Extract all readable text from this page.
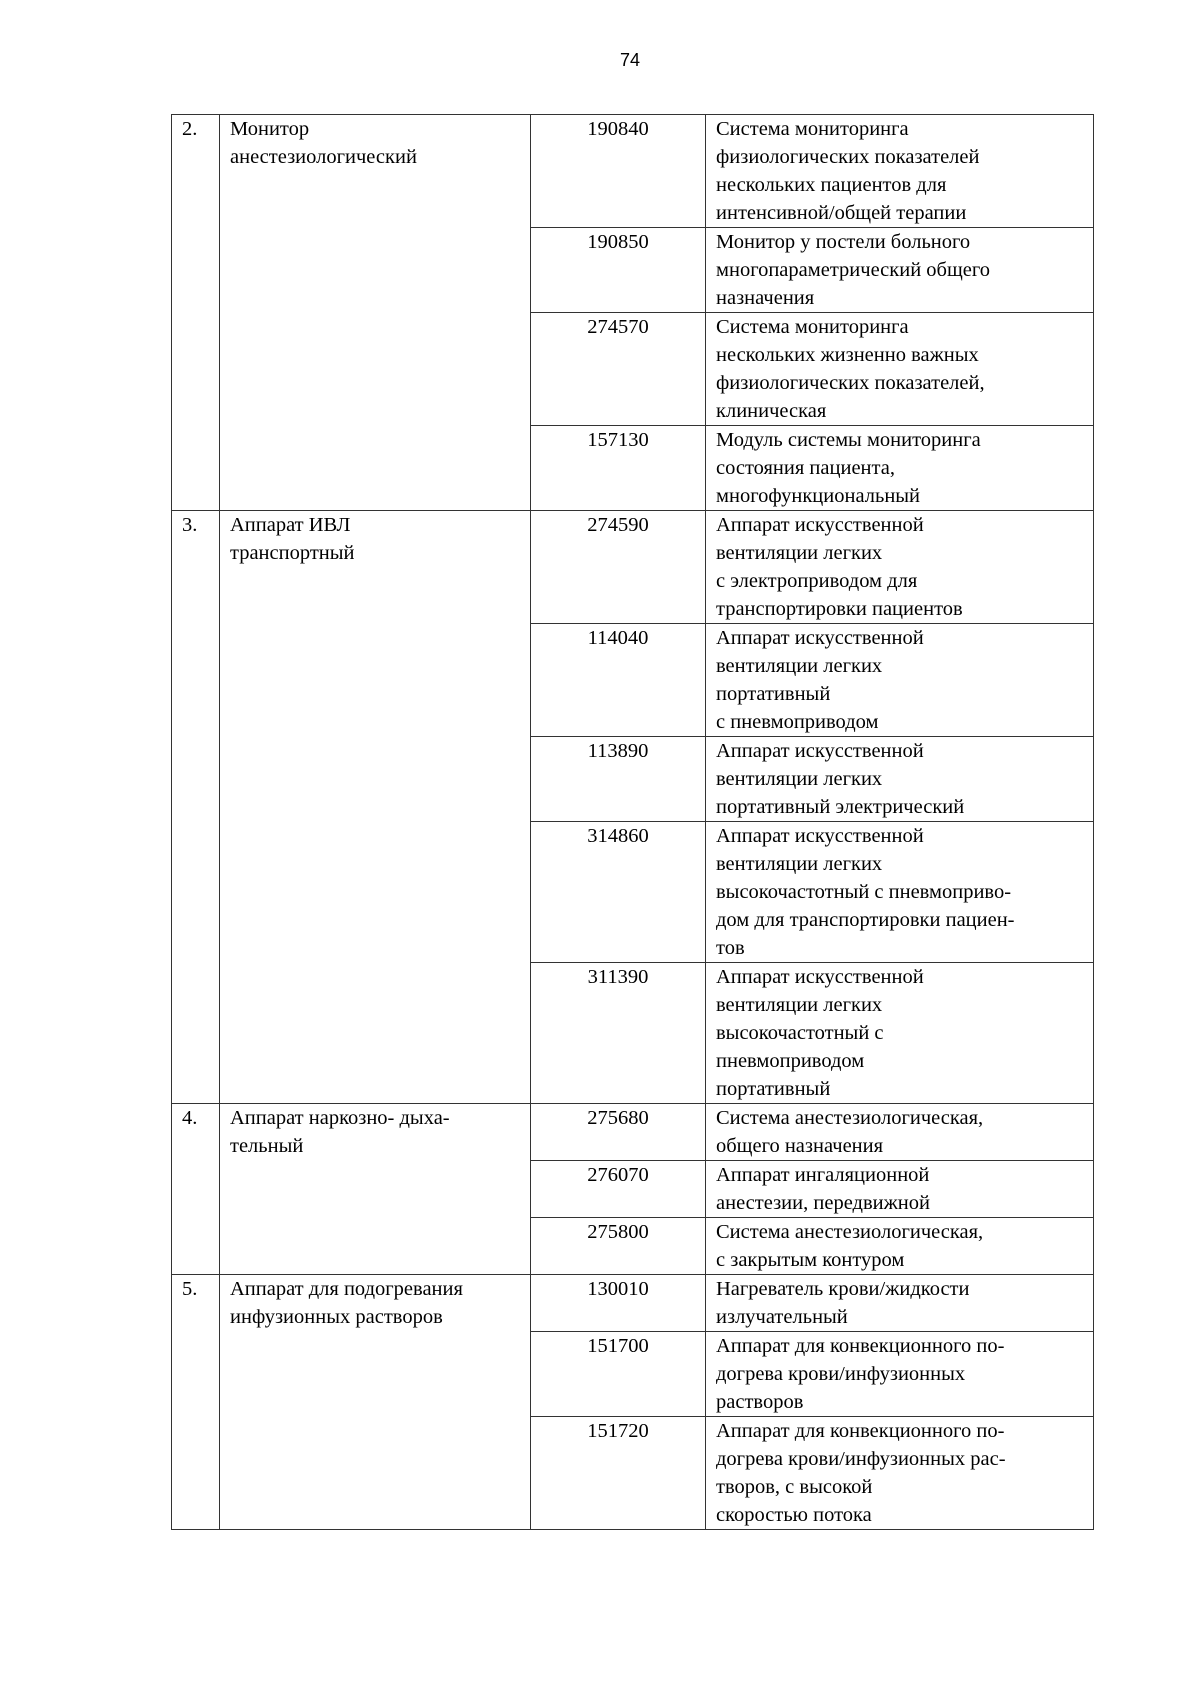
74
2.	Монитор
анестезиологический	190840	Система мониторинга
физиологических показателей
нескольких пациентов для
интенсивной/общей терапии

		190850	Монитор у постели больного
многопараметрический общего
назначения

		274570	Система мониторинга
нескольких жизненно важных
физиологических показателей,
клиническая

		157130	Модуль системы мониторинга
состояния пациента,
многофункциональный

3.	Аппарат ИВЛ
транспортный	274590	Аппарат искусственной
вентиляции легких
с электроприводом для
транспортировки пациентов

		114040	Аппарат искусственной
вентиляции легких
портативный
с пневмоприводом

		113890	Аппарат искусственной
вентиляции легких
портативный электрический

		314860	Аппарат искусственной
вентиляции легких
высокочастотный с пневмоприво-
дом для транспортировки пациен-
тов

		311390	Аппарат искусственной
вентиляции легких
высокочастотный с
пневмоприводом
портативный

4.	Аппарат наркозно- дыха-
тельный	275680	Система анестезиологическая,
общего назначения

		276070	Аппарат ингаляционной
анестезии, передвижной

		275800	Система анестезиологическая,
с закрытым контуром

5.	Аппарат для подогревания
инфузионных растворов	130010	Нагреватель крови/жидкости
излучательный

		151700	Аппарат для конвекционного по-
догрева крови/инфузионных
растворов

		151720	Аппарат для конвекционного по-
догрева крови/инфузионных рас-
творов, с высокой
скоростью потока
